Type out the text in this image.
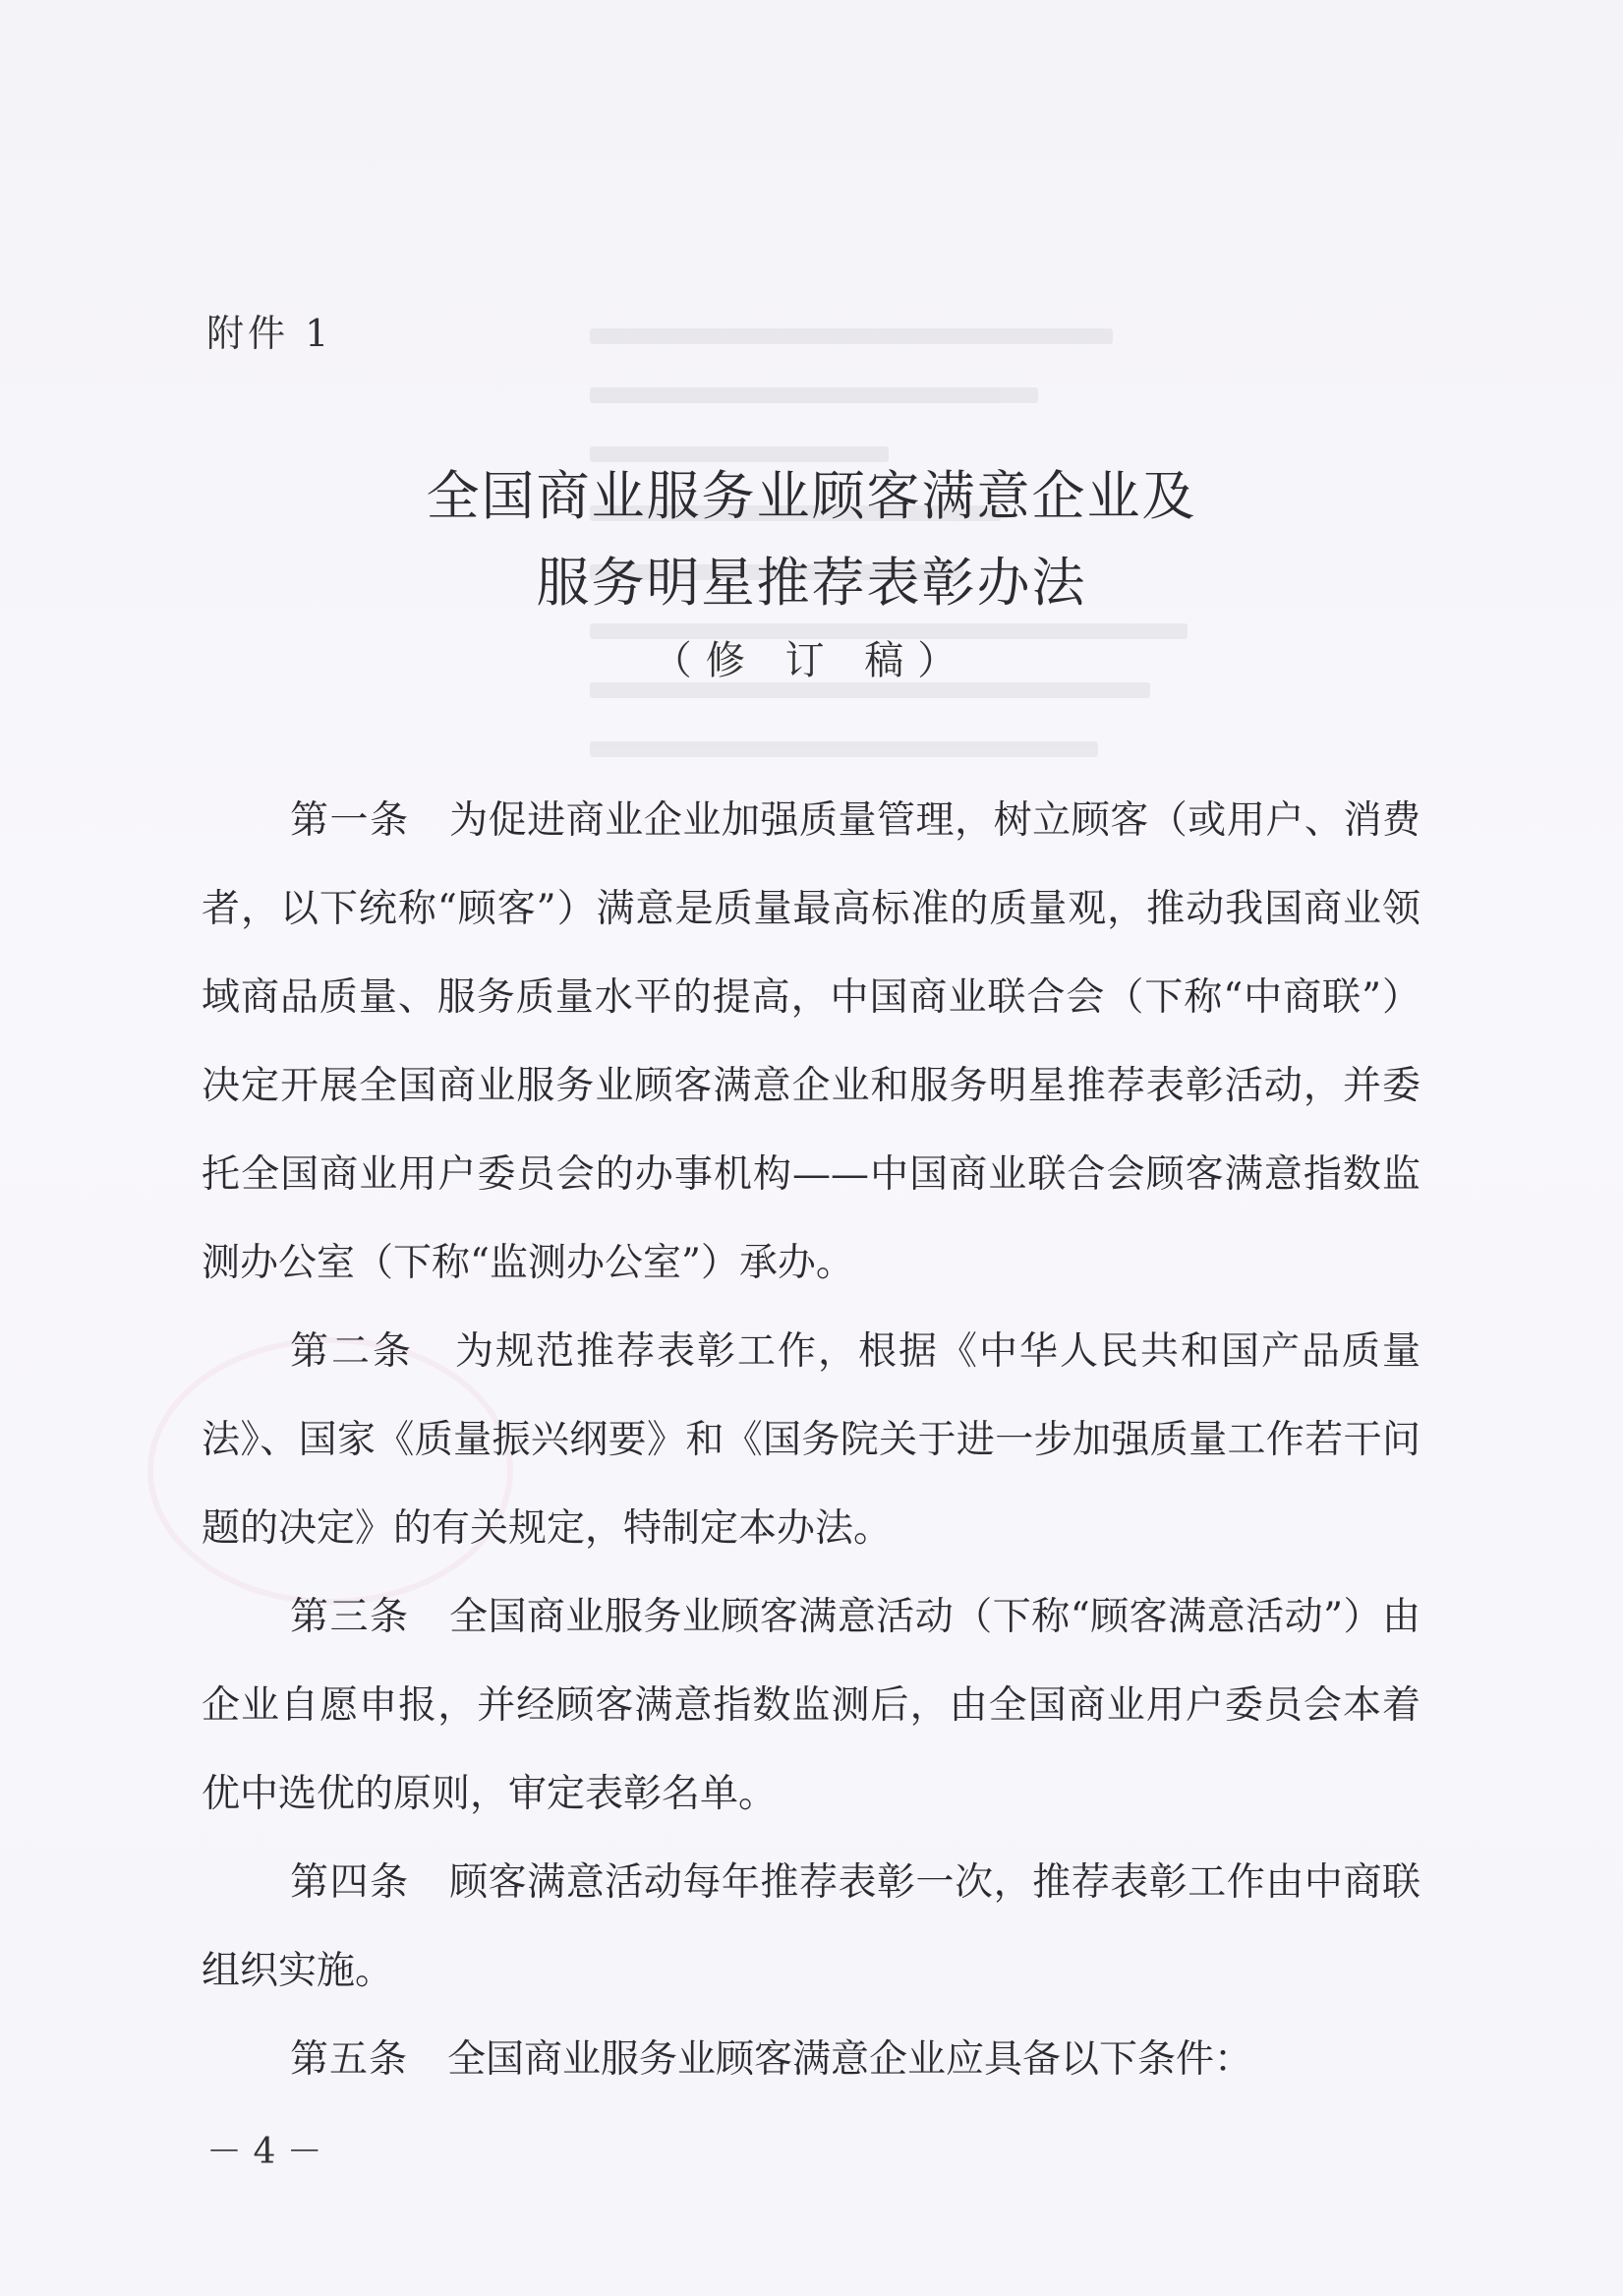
附件 1
全国商业服务业顾客满意企业及
服务明星推荐表彰办法
（修 订 稿）

第一条 为促进商业企业加强质量管理，树立顾客（或用户、消费者，以下统称“顾客”）满意是质量最高标准的质量观，推动我国商业领域商品质量、服务质量水平的提高，中国商业联合会（下称“中商联”）决定开展全国商业服务业顾客满意企业和服务明星推荐表彰活动，并委托全国商业用户委员会的办事机构——中国商业联合会顾客满意指数监测办公室（下称“监测办公室”）承办。

第二条 为规范推荐表彰工作，根据《中华人民共和国产品质量法》、国家《质量振兴纲要》和《国务院关于进一步加强质量工作若干问题的决定》的有关规定，特制定本办法。

第三条 全国商业服务业顾客满意活动（下称“顾客满意活动”）由企业自愿申报，并经顾客满意指数监测后，由全国商业用户委员会本着优中选优的原则，审定表彰名单。

第四条 顾客满意活动每年推荐表彰一次，推荐表彰工作由中商联组织实施。

第五条 全国商业服务业顾客满意企业应具备以下条件：

－ 4 －
